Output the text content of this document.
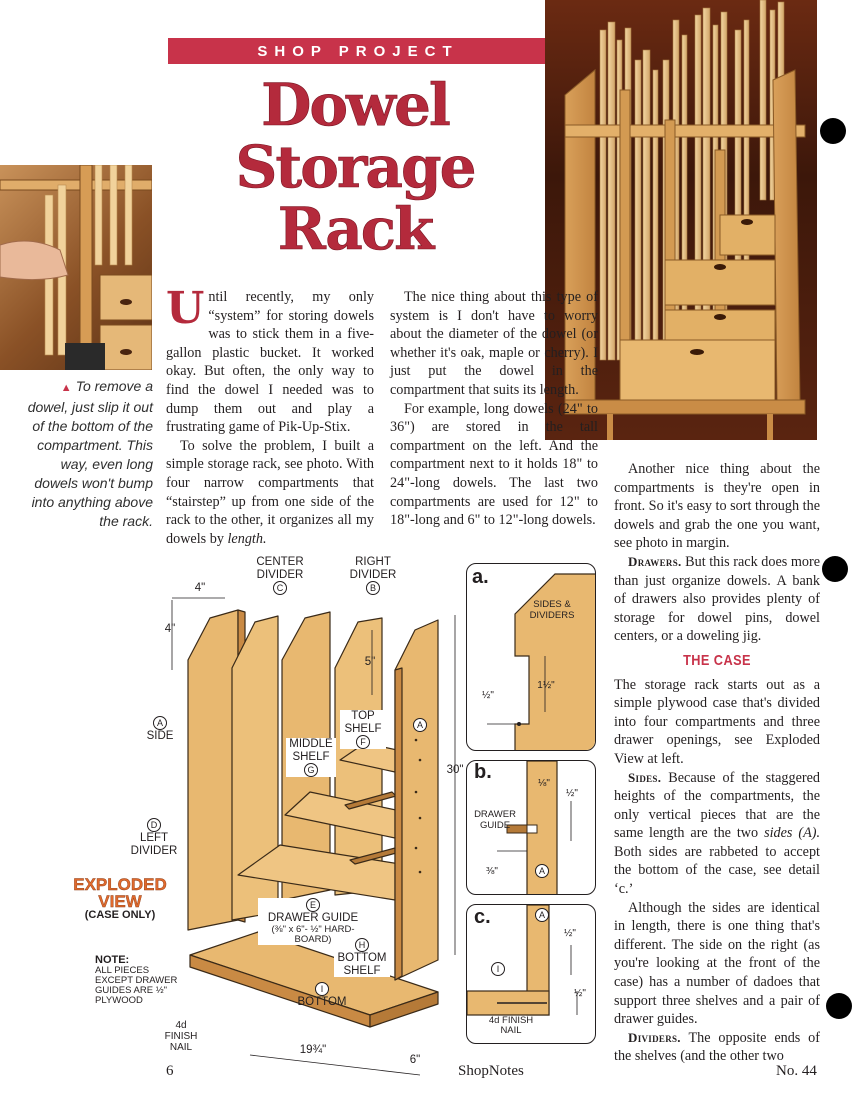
SHOP PROJECT
Dowel
Storage
Rack
▲ To remove a dowel, just slip it out of the bottom of the compartment. This way, even long dowels won't bump into anything above the rack.

Until recently, my only “system” for storing dowels was to stick them in a five-gallon plastic bucket. It worked okay. But often, the only way to find the dowel I needed was to dump them out and play a frustrating game of Pik-Up-Stix.

To solve the problem, I built a simple storage rack, see photo. With four narrow compartments that “stairstep” up from one side of the rack to the other, it organizes all my dowels by length.

The nice thing about this type of system is I don't have to worry about the diameter of the dowel (or whether it's oak, maple or cherry). I just put the dowel in the compartment that suits its length.

For example, long dowels (24" to 36") are stored in the tall compartment on the left. And the compartment next to it holds 18" to 24"-long dowels. The last two compartments are used for 12" to 18"-long and 6" to 12"-long dowels.

Another nice thing about the compartments is they're open in front. So it's easy to sort through the dowels and grab the one you want, see photo in margin.

Drawers. But this rack does more than just organize dowels. A bank of drawers also provides plenty of storage for dowel pins, dowel centers, or a doweling jig.

THE CASE

The storage rack starts out as a simple plywood case that's divided into four compartments and three drawer openings, see Exploded View at left.

Sides. Because of the staggered heights of the compartments, the only vertical pieces that are the same length are the two sides (A). Both sides are rabbeted to accept the bottom of the case, see detail ‘c.’

Although the sides are identical in length, there is one thing that's different. The side on the right (as you're looking at the front of the case) has a number of dadoes that support three shelves and a pair of drawer guides.

Dividers. The opposite ends of the shelves (and the other two

CENTER DIVIDER
C
RIGHT DIVIDER
B
A
SIDE
D
LEFT DIVIDER
TOP SHELF
F
MIDDLE SHELF
G
E
DRAWER GUIDE
(⅜" x 6"- ½" HARD-BOARD)
H
BOTTOM SHELF
I
BOTTOM
A
4d FINISH NAIL
4"
4"
5"
30"
19¾"
6"
EXPLODED VIEW
(CASE ONLY)
NOTE:
ALL PIECES EXCEPT DRAWER GUIDES ARE ½" PLYWOOD
a.
SIDES & DIVIDERS
1½"
½"
b.
DRAWER GUIDE
A
⅛"
½"
⅜"
c.	A
I
½"
½"
4d FINISH NAIL
6	ShopNotes	No. 44
